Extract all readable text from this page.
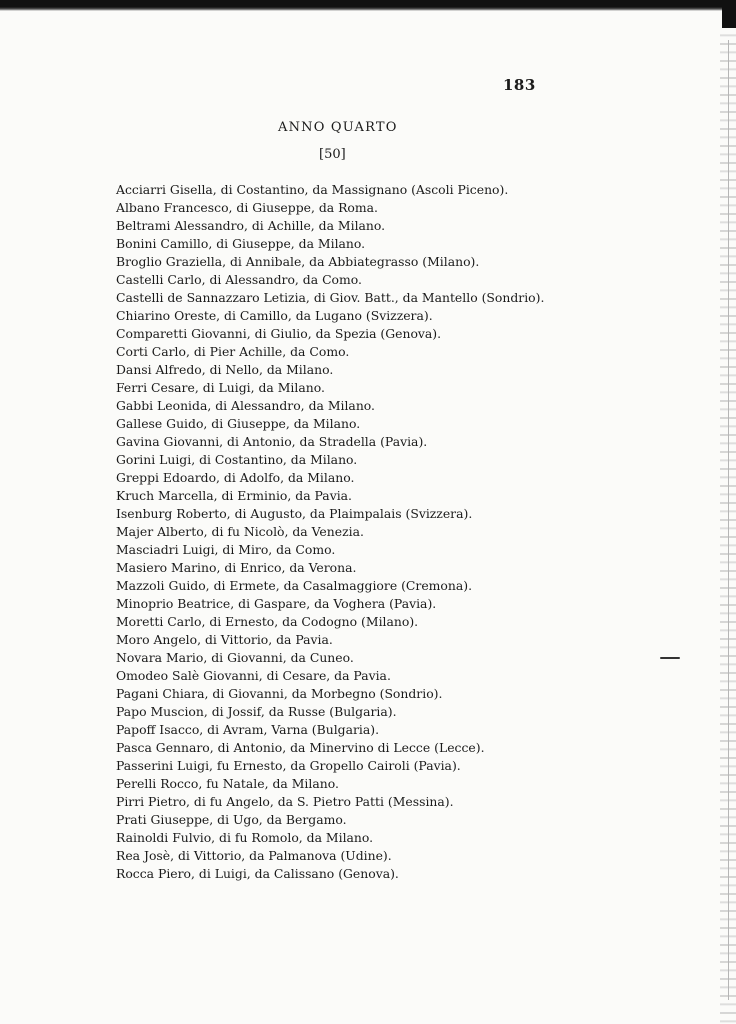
183
ANNO QUARTO
[50]
Acciarri Gisella, di Costantino, da Massignano (Ascoli Piceno).
Albano Francesco, di Giuseppe, da Roma.
Beltrami Alessandro, di Achille, da Milano.
Bonini Camillo, di Giuseppe, da Milano.
Broglio Graziella, di Annibale, da Abbiategrasso (Milano).
Castelli Carlo, di Alessandro, da Como.
Castelli de Sannazzaro Letizia, di Giov. Batt., da Mantello (Sondrio).
Chiarino Oreste, di Camillo, da Lugano (Svizzera).
Comparetti Giovanni, di Giulio, da Spezia (Genova).
Corti Carlo, di Pier Achille, da Como.
Dansi Alfredo, di Nello, da Milano.
Ferri Cesare, di Luigi, da Milano.
Gabbi Leonida, di Alessandro, da Milano.
Gallese Guido, di Giuseppe, da Milano.
Gavina Giovanni, di Antonio, da Stradella (Pavia).
Gorini Luigi, di Costantino, da Milano.
Greppi Edoardo, di Adolfo, da Milano.
Kruch Marcella, di Erminio, da Pavia.
Isenburg Roberto, di Augusto, da Plaimpalais (Svizzera).
Majer Alberto, di fu Nicolò, da Venezia.
Masciadri Luigi, di Miro, da Como.
Masiero Marino, di Enrico, da Verona.
Mazzoli Guido, di Ermete, da Casalmaggiore (Cremona).
Minoprio Beatrice, di Gaspare, da Voghera (Pavia).
Moretti Carlo, di Ernesto, da Codogno (Milano).
Moro Angelo, di Vittorio, da Pavia.
Novara Mario, di Giovanni, da Cuneo.
Omodeo Salè Giovanni, di Cesare, da Pavia.
Pagani Chiara, di Giovanni, da Morbegno (Sondrio).
Papo Muscion, di Jossif, da Russe (Bulgaria).
Papoff Isacco, di Avram, Varna (Bulgaria).
Pasca Gennaro, di Antonio, da Minervino di Lecce (Lecce).
Passerini Luigi, fu Ernesto, da Gropello Cairoli (Pavia).
Perelli Rocco, fu Natale, da Milano.
Pirri Pietro, di fu Angelo, da S. Pietro Patti (Messina).
Prati Giuseppe, di Ugo, da Bergamo.
Rainoldi Fulvio, di fu Romolo, da Milano.
Rea Josè, di Vittorio, da Palmanova (Udine).
Rocca Piero, di Luigi, da Calissano (Genova).
